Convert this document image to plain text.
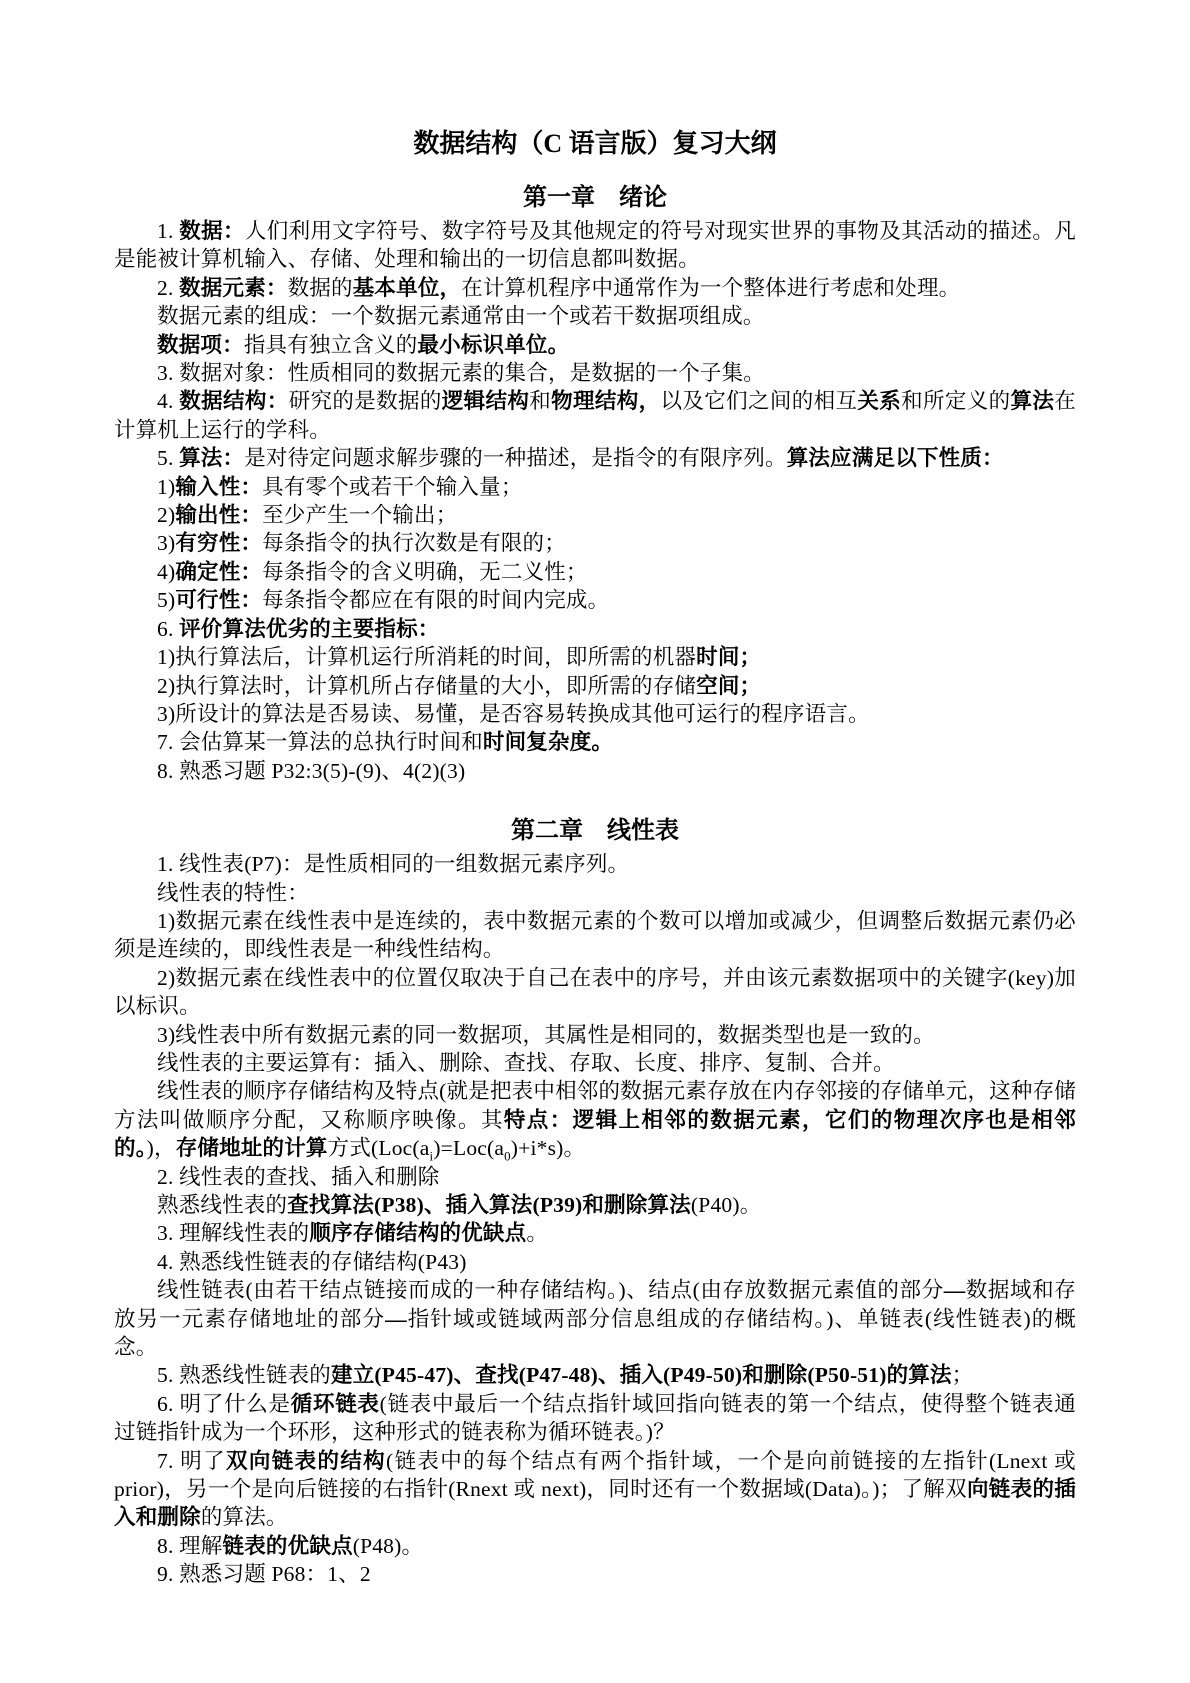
数据结构（C 语言版）复习大纲
第一章　绪论

1. 数据：人们利用文字符号、数字符号及其他规定的符号对现实世界的事物及其活动的描述。凡是能被计算机输入、存储、处理和输出的一切信息都叫数据。

2. 数据元素：数据的基本单位，在计算机程序中通常作为一个整体进行考虑和处理。

数据元素的组成：一个数据元素通常由一个或若干数据项组成。

数据项：指具有独立含义的最小标识单位。

3. 数据对象：性质相同的数据元素的集合，是数据的一个子集。

4. 数据结构：研究的是数据的逻辑结构和物理结构，以及它们之间的相互关系和所定义的算法在计算机上运行的学科。

5. 算法：是对待定问题求解步骤的一种描述，是指令的有限序列。算法应满足以下性质：

1)输入性：具有零个或若干个输入量；

2)输出性：至少产生一个输出；

3)有穷性：每条指令的执行次数是有限的；

4)确定性：每条指令的含义明确，无二义性；

5)可行性：每条指令都应在有限的时间内完成。

6. 评价算法优劣的主要指标：

1)执行算法后，计算机运行所消耗的时间，即所需的机器时间；

2)执行算法时，计算机所占存储量的大小，即所需的存储空间；

3)所设计的算法是否易读、易懂，是否容易转换成其他可运行的程序语言。

7. 会估算某一算法的总执行时间和时间复杂度。

8. 熟悉习题 P32:3(5)-(9)、4(2)(3)

第二章　线性表

1. 线性表(P7)：是性质相同的一组数据元素序列。

线性表的特性：

1)数据元素在线性表中是连续的，表中数据元素的个数可以增加或减少，但调整后数据元素仍必须是连续的，即线性表是一种线性结构。

2)数据元素在线性表中的位置仅取决于自己在表中的序号，并由该元素数据项中的关键字(key)加以标识。

3)线性表中所有数据元素的同一数据项，其属性是相同的，数据类型也是一致的。

线性表的主要运算有：插入、删除、查找、存取、长度、排序、复制、合并。

线性表的顺序存储结构及特点(就是把表中相邻的数据元素存放在内存邻接的存储单元，这种存储方法叫做顺序分配，又称顺序映像。其特点：逻辑上相邻的数据元素，它们的物理次序也是相邻的。)，存储地址的计算方式$(Loc(a_i)=Loc(a_0)+i*s)$。

2. 线性表的查找、插入和删除

熟悉线性表的查找算法(P38)、插入算法(P39)和删除算法(P40)。

3. 理解线性表的顺序存储结构的优缺点。

4. 熟悉线性链表的存储结构(P43)

线性链表(由若干结点链接而成的一种存储结构。)、结点(由存放数据元素值的部分—数据域和存放另一元素存储地址的部分—指针域或链域两部分信息组成的存储结构。)、单链表(线性链表)的概念。

5. 熟悉线性链表的建立(P45-47)、查找(P47-48)、插入(P49-50)和删除(P50-51)的算法；

6. 明了什么是循环链表(链表中最后一个结点指针域回指向链表的第一个结点，使得整个链表通过链指针成为一个环形，这种形式的链表称为循环链表。)？

7. 明了双向链表的结构(链表中的每个结点有两个指针域，一个是向前链接的左指针(Lnext 或 prior)，另一个是向后链接的右指针(Rnext 或 next)，同时还有一个数据域(Data)。)；了解双向链表的插入和删除的算法。

8. 理解链表的优缺点(P48)。

9. 熟悉习题 P68：1、2
